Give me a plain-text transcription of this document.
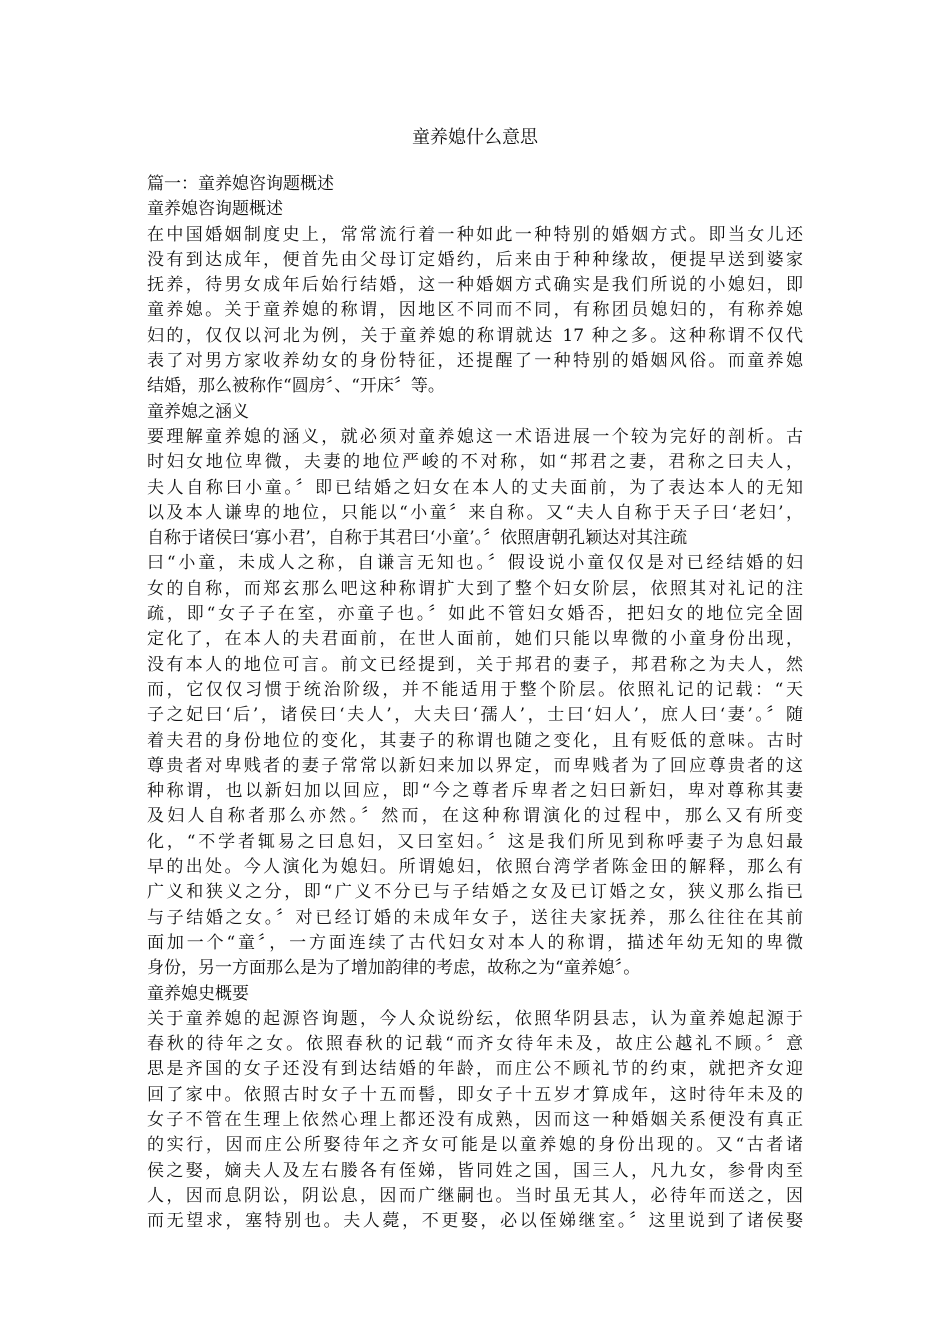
童养媳什么意思
篇一：童养媳咨询题概述
童养媳咨询题概述
在中国婚姻制度史上，常常流行着一种如此一种特别的婚姻方式。即当女儿还
没有到达成年，便首先由父母订定婚约，后来由于种种缘故，便提早送到婆家
抚养，待男女成年后始行结婚，这一种婚姻方式确实是我们所说的小媳妇，即
童养媳。关于童养媳的称谓，因地区不同而不同，有称团员媳妇的，有称养媳
妇的，仅仅以河北为例，关于童养媳的称谓就达 17 种之多。这种称谓不仅代
表了对男方家收养幼女的身份特征，还提醒了一种特别的婚姻风俗。而童养媳
结婚，那么被称作“圆房〞、“开床〞等。
童养媳之涵义
要理解童养媳的涵义，就必须对童养媳这一术语进展一个较为完好的剖析。古
时妇女地位卑微，夫妻的地位严峻的不对称，如“邦君之妻，君称之曰夫人，
夫人自称曰小童。〞即已结婚之妇女在本人的丈夫面前，为了表达本人的无知
以及本人谦卑的地位，只能以“小童〞来自称。又“夫人自称于天子曰‘老妇’，
自称于诸侯曰‘寡小君’，自称于其君曰‘小童’。〞依照唐朝孔颖达对其注疏
曰“小童，未成人之称，自谦言无知也。〞假设说小童仅仅是对已经结婚的妇
女的自称，而郑玄那么吧这种称谓扩大到了整个妇女阶层，依照其对礼记的注
疏，即“女子子在室，亦童子也。〞如此不管妇女婚否，把妇女的地位完全固
定化了，在本人的夫君面前，在世人面前，她们只能以卑微的小童身份出现，
没有本人的地位可言。前文已经提到，关于邦君的妻子，邦君称之为夫人，然
而，它仅仅习惯于统治阶级，并不能适用于整个阶层。依照礼记的记载：“天
子之妃曰‘后’，诸侯曰‘夫人’，大夫曰‘孺人’，士曰‘妇人’，庶人曰‘妻’。〞随
着夫君的身份地位的变化，其妻子的称谓也随之变化，且有贬低的意味。古时
尊贵者对卑贱者的妻子常常以新妇来加以界定，而卑贱者为了回应尊贵者的这
种称谓，也以新妇加以回应，即“今之尊者斥卑者之妇曰新妇，卑对尊称其妻
及妇人自称者那么亦然。〞然而，在这种称谓演化的过程中，那么又有所变
化，“不学者辄易之曰息妇，又曰室妇。〞这是我们所见到称呼妻子为息妇最
早的出处。今人演化为媳妇。所谓媳妇，依照台湾学者陈金田的解释，那么有
广义和狭义之分，即“广义不分已与子结婚之女及已订婚之女，狭义那么指已
与子结婚之女。〞对已经订婚的未成年女子，送往夫家抚养，那么往往在其前
面加一个“童〞，一方面连续了古代妇女对本人的称谓，描述年幼无知的卑微
身份，另一方面那么是为了增加韵律的考虑，故称之为“童养媳〞。
童养媳史概要
关于童养媳的起源咨询题，今人众说纷纭，依照华阴县志，认为童养媳起源于
春秋的待年之女。依照春秋的记载“而齐女待年未及，故庄公越礼不顾。〞意
思是齐国的女子还没有到达结婚的年龄，而庄公不顾礼节的约束，就把齐女迎
回了家中。依照古时女子十五而髻，即女子十五岁才算成年，这时待年未及的
女子不管在生理上依然心理上都还没有成熟，因而这一种婚姻关系便没有真正
的实行，因而庄公所娶待年之齐女可能是以童养媳的身份出现的。又“古者诸
侯之娶，嫡夫人及左右媵各有侄娣，皆同姓之国，国三人，凡九女，参骨肉至
人，因而息阴讼，阴讼息，因而广继嗣也。当时虽无其人，必待年而送之，因
而无望求，塞特别也。夫人薨，不更娶，必以侄娣继室。〞这里说到了诸侯娶
